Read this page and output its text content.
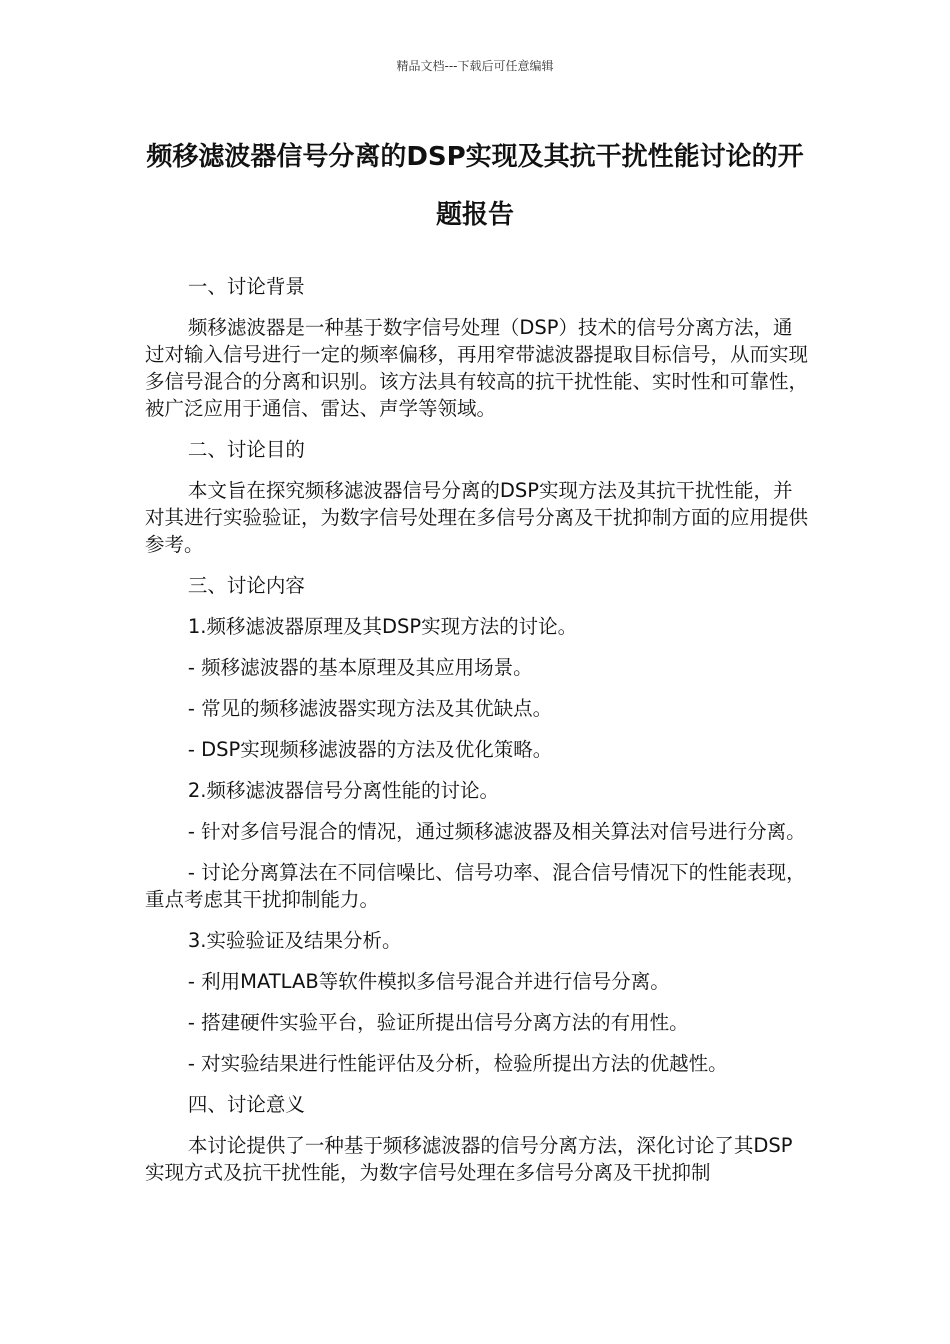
精品文档---下载后可任意编辑
频移滤波器信号分离的DSP实现及其抗干扰性能讨论的开题报告

一、讨论背景

频移滤波器是一种基于数字信号处理（DSP）技术的信号分离方法，通过对输入信号进行一定的频率偏移，再用窄带滤波器提取目标信号，从而实现多信号混合的分离和识别。该方法具有较高的抗干扰性能、实时性和可靠性，被广泛应用于通信、雷达、声学等领域。

二、讨论目的

本文旨在探究频移滤波器信号分离的DSP实现方法及其抗干扰性能，并对其进行实验验证，为数字信号处理在多信号分离及干扰抑制方面的应用提供参考。

三、讨论内容

1.频移滤波器原理及其DSP实现方法的讨论。

- 频移滤波器的基本原理及其应用场景。

- 常见的频移滤波器实现方法及其优缺点。

- DSP实现频移滤波器的方法及优化策略。

2.频移滤波器信号分离性能的讨论。

- 针对多信号混合的情况，通过频移滤波器及相关算法对信号进行分离。

- 讨论分离算法在不同信噪比、信号功率、混合信号情况下的性能表现，重点考虑其干扰抑制能力。

3.实验验证及结果分析。

- 利用MATLAB等软件模拟多信号混合并进行信号分离。

- 搭建硬件实验平台，验证所提出信号分离方法的有用性。

- 对实验结果进行性能评估及分析，检验所提出方法的优越性。

四、讨论意义

本讨论提供了一种基于频移滤波器的信号分离方法，深化讨论了其DSP实现方式及抗干扰性能，为数字信号处理在多信号分离及干扰抑制
